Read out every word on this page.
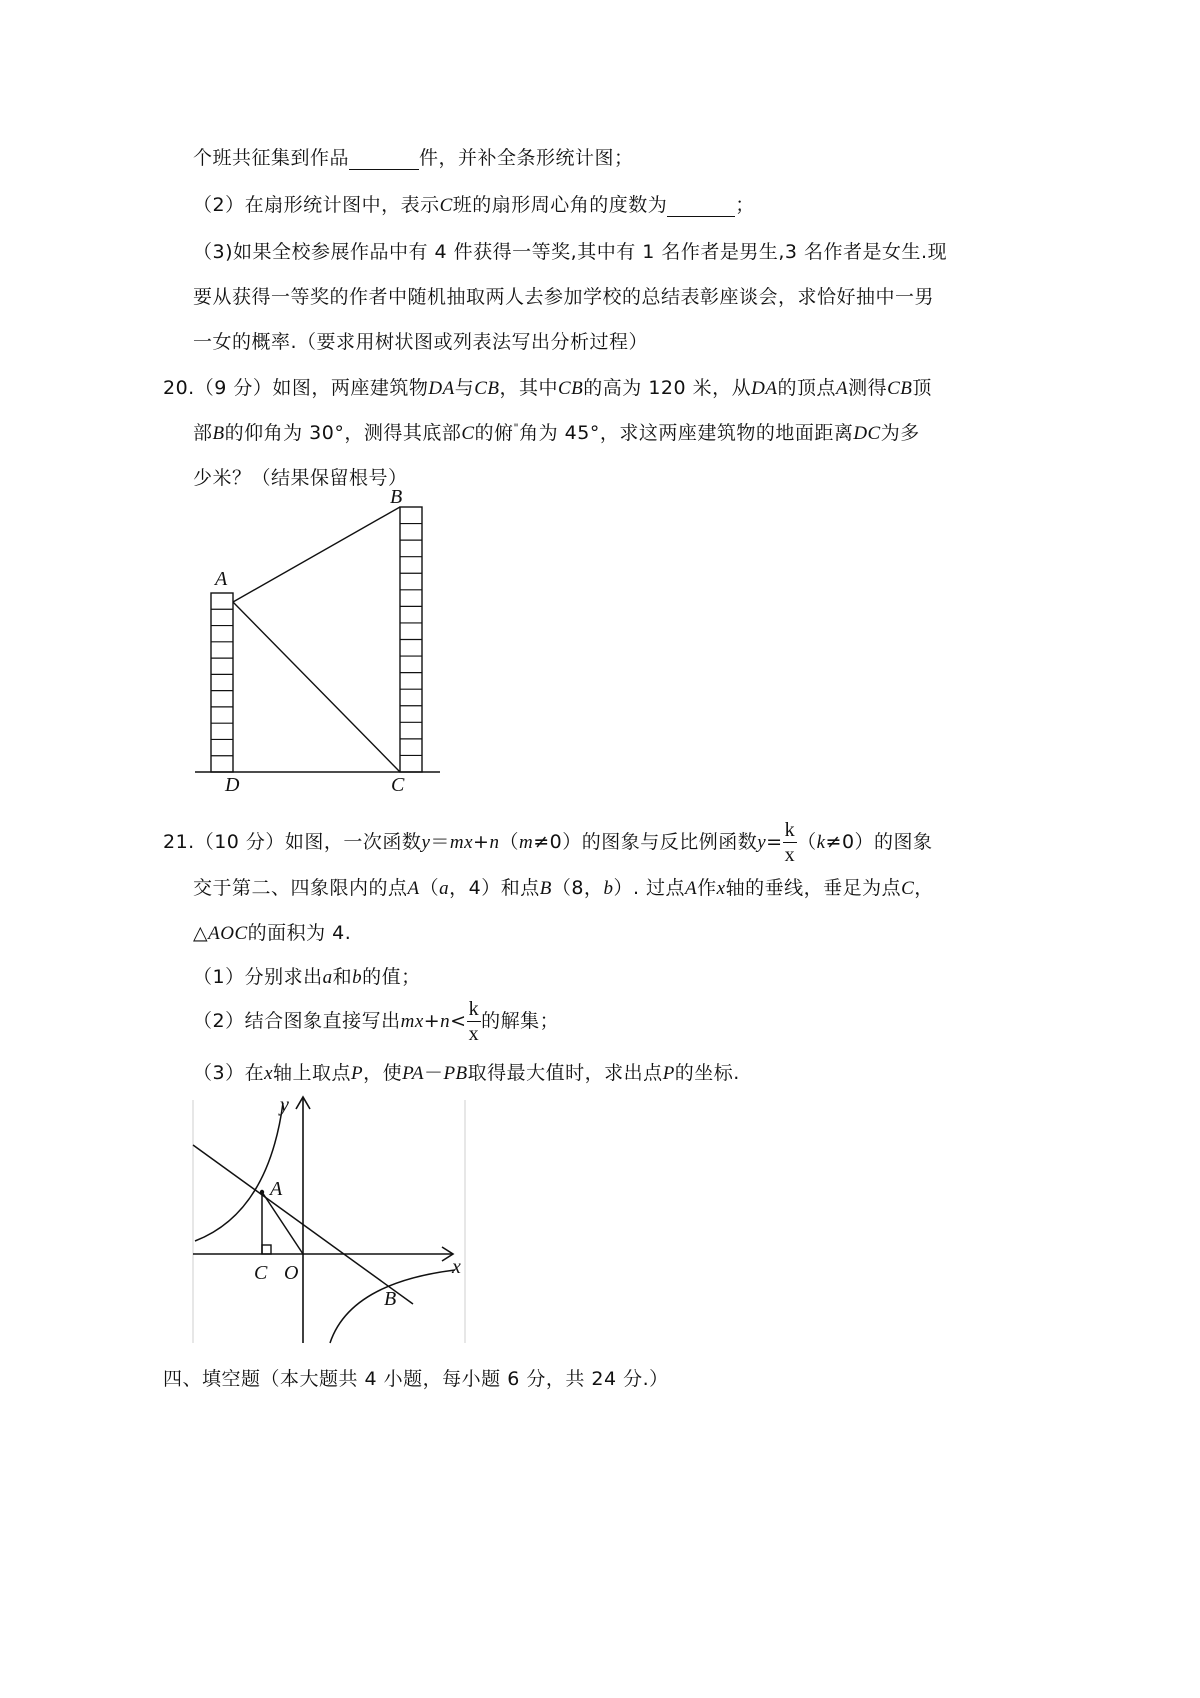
个班共征集到作品	件，并补全条形统计图；
（2）在扇形统计图中，表示C班的扇形周心角的度数为	；
（3)如果全校参展作品中有 4 件获得一等奖,其中有 1 名作者是男生,3 名作者是女生.现
要从获得一等奖的作者中随机抽取两人去参加学校的总结表彰座谈会，求恰好抽中一男
一女的概率.（要求用树状图或列表法写出分析过程）
20.（9 分）如图，两座建筑物DA与CB，其中CB的高为 120 米，从DA的顶点A测得CB顶
部B的仰角为 30°，测得其底部C的俯"角为 45°，求这两座建筑物的地面距离DC为多
少米？（结果保留根号）
A
B
C
D
21.（10 分）如图，一次函数y＝mx+n（m≠0）的图象与反比例函数$y= \frac{k}{x} (k\ne 0)$的图象
交于第二、四象限内的点A（a，4）和点B（8，b）. 过点A作x轴的垂线，垂足为点C，
△AOC的面积为 4.
（1）分别求出a和b的值；
（2）结合图象直接写出$mx+n< \frac{k}{x}$ 的解集；
（3）在x轴上取点P，使PA－PB取得最大值时，求出点P的坐标.
y
x
A
B
C O
四、填空题（本大题共 4 小题，每小题 6 分，共 24 分.）
